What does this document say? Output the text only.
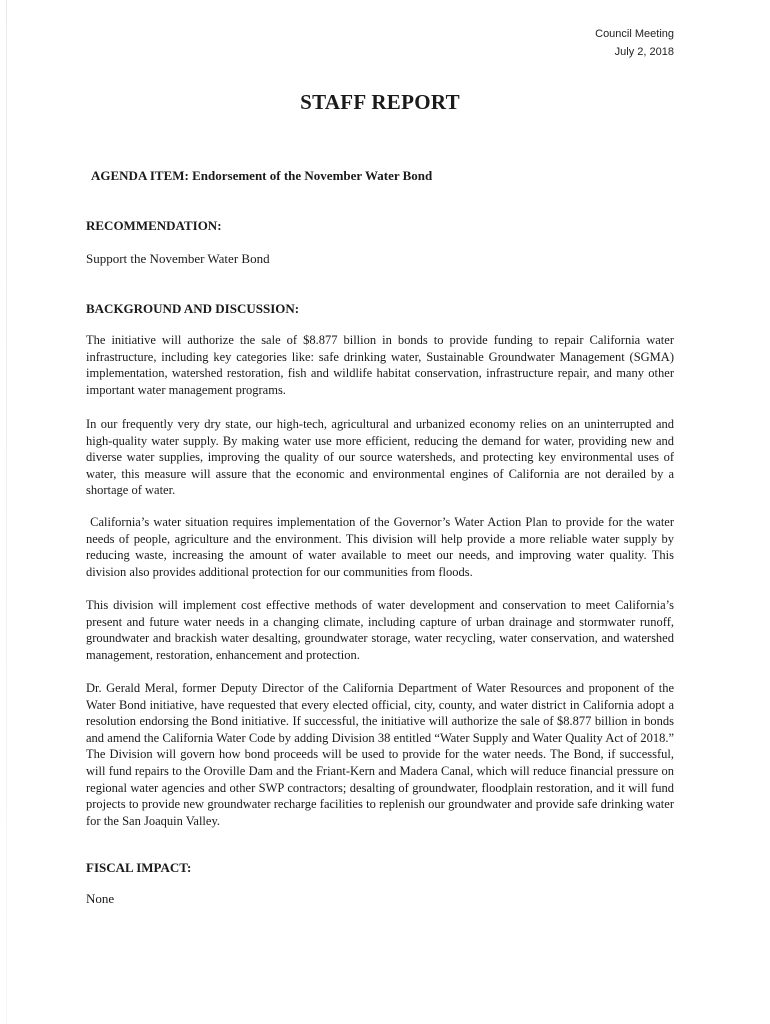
Council Meeting
July 2, 2018
STAFF REPORT
AGENDA ITEM: Endorsement of the November Water Bond
RECOMMENDATION:
Support the November Water Bond
BACKGROUND AND DISCUSSION:

The initiative will authorize the sale of $8.877 billion in bonds to provide funding to repair California water infrastructure, including key categories like: safe drinking water, Sustainable Groundwater Management (SGMA) implementation, watershed restoration, fish and wildlife habitat conservation, infrastructure repair, and many other important water management programs.

In our frequently very dry state, our high-tech, agricultural and urbanized economy relies on an uninterrupted and high-quality water supply. By making water use more efficient, reducing the demand for water, providing new and diverse water supplies, improving the quality of our source watersheds, and protecting key environmental uses of water, this measure will assure that the economic and environmental engines of California are not derailed by a shortage of water.

California’s water situation requires implementation of the Governor’s Water Action Plan to provide for the water needs of people, agriculture and the environment. This division will help provide a more reliable water supply by reducing waste, increasing the amount of water available to meet our needs, and improving water quality. This division also provides additional protection for our communities from floods.

This division will implement cost effective methods of water development and conservation to meet California’s present and future water needs in a changing climate, including capture of urban drainage and stormwater runoff, groundwater and brackish water desalting, groundwater storage, water recycling, water conservation, and watershed management, restoration, enhancement and protection.

Dr. Gerald Meral, former Deputy Director of the California Department of Water Resources and proponent of the Water Bond initiative, have requested that every elected official, city, county, and water district in California adopt a resolution endorsing the Bond initiative. If successful, the initiative will authorize the sale of $8.877 billion in bonds and amend the California Water Code by adding Division 38 entitled “Water Supply and Water Quality Act of 2018.” The Division will govern how bond proceeds will be used to provide for the water needs. The Bond, if successful, will fund repairs to the Oroville Dam and the Friant-Kern and Madera Canal, which will reduce financial pressure on regional water agencies and other SWP contractors; desalting of groundwater, floodplain restoration, and it will fund projects to provide new groundwater recharge facilities to replenish our groundwater and provide safe drinking water for the San Joaquin Valley.

FISCAL IMPACT:
None
